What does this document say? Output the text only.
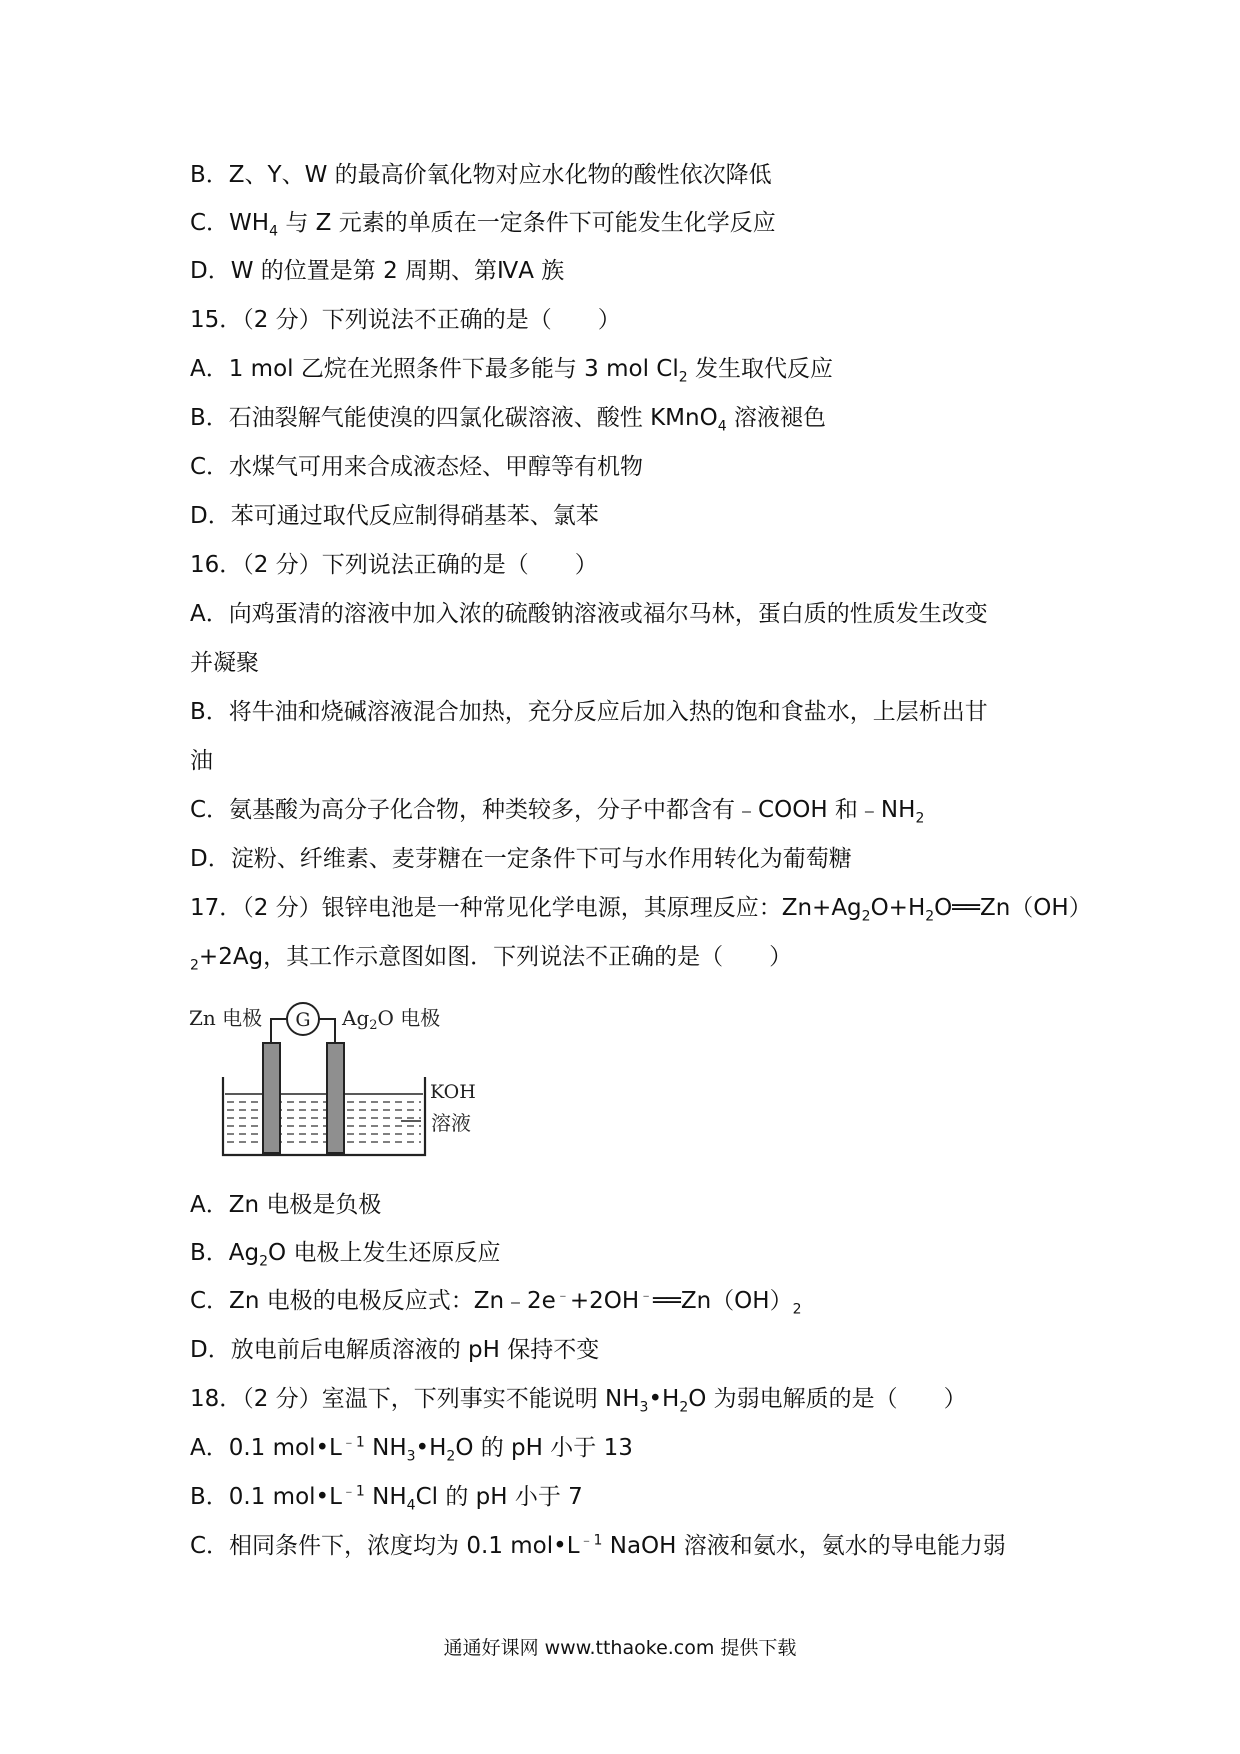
B．Z、Y、W 的最高价氧化物对应水化物的酸性依次降低
C．$WH_4$ 与 Z 元素的单质在一定条件下可能发生化学反应
D．W 的位置是第 2 周期、第ⅣA 族
15．（2 分）下列说法不正确的是（　　）
A．1 mol 乙烷在光照条件下最多能与 3 mol $Cl_2$ 发生取代反应
B．石油裂解气能使溴的四氯化碳溶液、酸性 KMnO$_4$ 溶液褪色
C．水煤气可用来合成液态烃、甲醇等有机物
D．苯可通过取代反应制得硝基苯、氯苯
16．（2 分）下列说法正确的是（　　）
A．向鸡蛋清的溶液中加入浓的硫酸钠溶液或福尔马林，蛋白质的性质发生改变
并凝聚
B．将牛油和烧碱溶液混合加热，充分反应后加入热的饱和食盐水，上层析出甘
油
C．氨基酸为高分子化合物，种类较多，分子中都含有﹣COOH 和$﹣NH_2$
D．淀粉、纤维素、麦芽糖在一定条件下可与水作用转化为葡萄糖
17．（2 分）银锌电池是一种常见化学电源，其原理反应：$Zn+Ag_2O+H_2O══Zn(OH)$
$_2$+2Ag，其工作示意图如图．下列说法不正确的是（　　）
Zn 电极 G $Ag_2O$ 电极
KOH
溶液
A．Zn 电极是负极
B．$Ag_2O$ 电极上发生还原反应
C．Zn 电极的电极反应式：$Zn﹣2e^﹣+2OH^﹣══Zn(OH)_2$
D．放电前后电解质溶液的 pH 保持不变
18．（2 分）室温下，下列事实不能说明 $NH_3•H_2O$ 为弱电解质的是（　　）
A．0.1 $mol•L^{﹣1}$ $NH_3•H_2O$ 的 pH 小于 13
B．0.1 $mol•L^{﹣1}$ $NH_4Cl$ 的 pH 小于 7
C．相同条件下，浓度均为 0.1 $mol•L^{﹣1}$ NaOH 溶液和氨水，氨水的导电能力弱
通通好课网 www.tthaoke.com 提供下载
